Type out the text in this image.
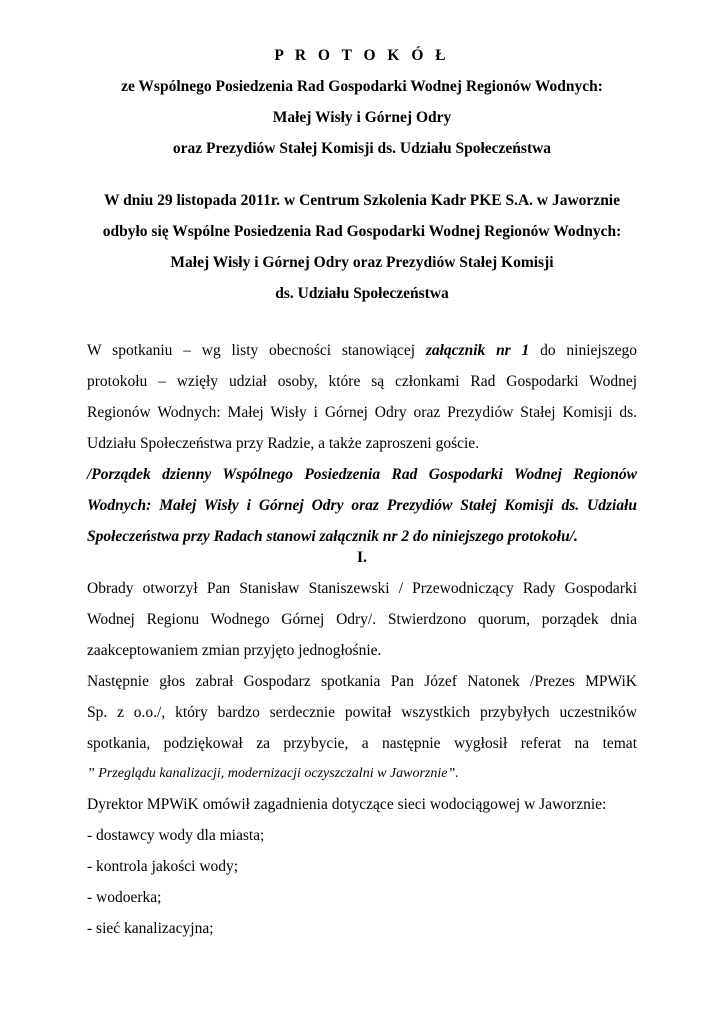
P R O T O K Ó Ł
ze Wspólnego Posiedzenia Rad Gospodarki Wodnej Regionów Wodnych:
Małej Wisły i Górnej Odry
oraz Prezydiów Stałej Komisji ds. Udziału Społeczeństwa
W dniu 29 listopada 2011r. w Centrum Szkolenia Kadr PKE S.A. w Jaworznie
odbyło się Wspólne Posiedzenia Rad Gospodarki Wodnej Regionów Wodnych:
Małej Wisły i Górnej Odry oraz Prezydiów Stałej Komisji
ds. Udziału Społeczeństwa
W spotkaniu – wg listy obecności stanowiącej załącznik nr 1 do niniejszego
protokołu – wzięły udział osoby, które są członkami Rad Gospodarki Wodnej
Regionów Wodnych: Małej Wisły i Górnej Odry oraz Prezydiów Stałej Komisji ds.
Udziału Społeczeństwa przy Radzie, a także zaproszeni goście.
/Porządek dzienny Wspólnego Posiedzenia Rad Gospodarki Wodnej Regionów
Wodnych: Małej Wisły i Górnej Odry oraz Prezydiów Stałej Komisji ds. Udziału
Społeczeństwa przy Radach stanowi załącznik nr 2 do niniejszego protokołu/.
I.
Obrady otworzył Pan Stanisław Staniszewski / Przewodniczący Rady Gospodarki
Wodnej Regionu Wodnego Górnej Odry/. Stwierdzono quorum, porządek dnia
zaakceptowaniem zmian przyjęto jednogłośnie.
Następnie głos zabrał Gospodarz spotkania Pan Józef Natonek /Prezes MPWiK
Sp. z o.o./, który bardzo serdecznie powitał wszystkich przybyłych uczestników
spotkania, podziękował za przybycie, a następnie wygłosił referat na temat
” Przeglądu kanalizacji, modernizacji oczyszczalni w Jaworznie”.
Dyrektor MPWiK omówił zagadnienia dotyczące sieci wodociągowej w Jaworznie:
- dostawcy wody dla miasta;
- kontrola jakości wody;
- wodoerka;
- sieć kanalizacyjna;
